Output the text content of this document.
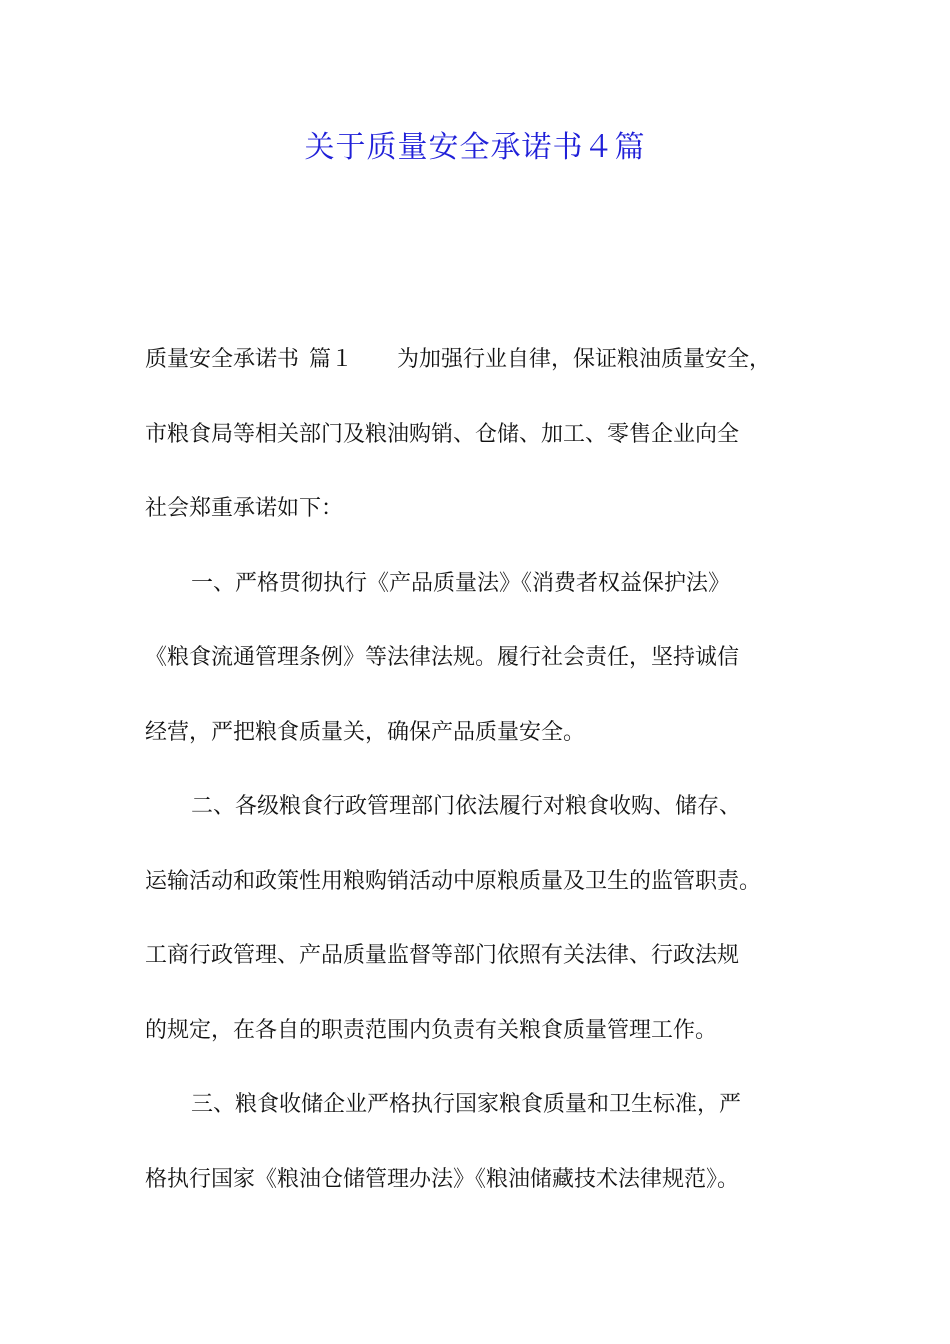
关于质量安全承诺书４篇
质量安全承诺书 篇１ 为加强行业自律，保证粮油质量安全，
市粮食局等相关部门及粮油购销、仓储、加工、零售企业向全
社会郑重承诺如下：
一、严格贯彻执行《产品质量法》《消费者权益保护法》
《粮食流通管理条例》等法律法规。履行社会责任，坚持诚信
经营，严把粮食质量关，确保产品质量安全。
二、各级粮食行政管理部门依法履行对粮食收购、储存、
运输活动和政策性用粮购销活动中原粮质量及卫生的监管职责。
工商行政管理、产品质量监督等部门依照有关法律、行政法规
的规定，在各自的职责范围内负责有关粮食质量管理工作。
三、粮食收储企业严格执行国家粮食质量和卫生标准，严
格执行国家《粮油仓储管理办法》《粮油储藏技术法律规范》。
